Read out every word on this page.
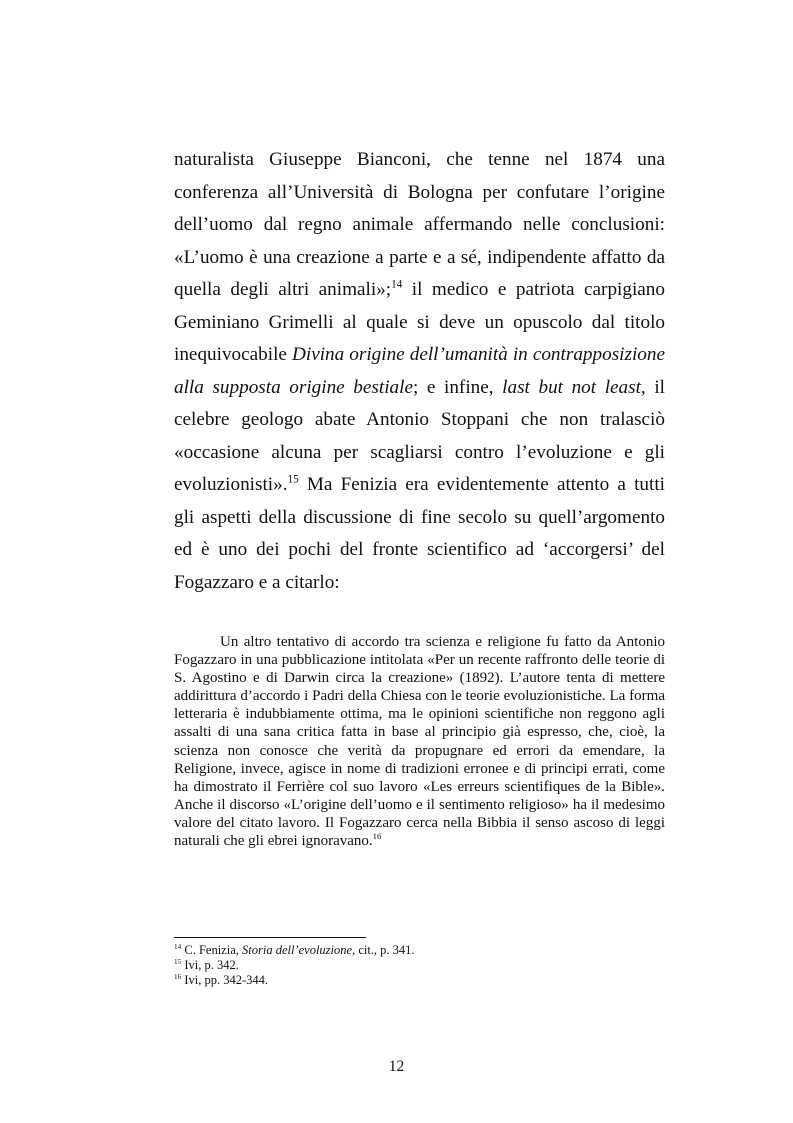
naturalista Giuseppe Bianconi, che tenne nel 1874 una conferenza all’Università di Bologna per confutare l’origine dell’uomo dal regno animale affermando nelle conclusioni: «L’uomo è una creazione a parte e a sé, indipendente affatto da quella degli altri animali»;$^{14}$ il medico e patriota carpigiano Geminiano Grimelli al quale si deve un opuscolo dal titolo inequivocabile Divina origine dell’umanità in contrapposizione alla supposta origine bestiale; e infine, last but not least, il celebre geologo abate Antonio Stoppani che non tralasciò «occasione alcuna per scagliarsi contro l’evoluzione e gli evoluzionisti».$^{15}$ Ma Fenizia era evidentemente attento a tutti gli aspetti della discussione di fine secolo su quell’argomento ed è uno dei pochi del fronte scientifico ad ‘accorgersi’ del Fogazzaro e a citarlo:

Un altro tentativo di accordo tra scienza e religione fu fatto da Antonio Fogazzaro in una pubblicazione intitolata «Per un recente raffronto delle teorie di S. Agostino e di Darwin circa la creazione» (1892). L’autore tenta di mettere addirittura d’accordo i Padri della Chiesa con le teorie evoluzionistiche. La forma letteraria è indubbiamente ottima, ma le opinioni scientifiche non reggono agli assalti di una sana critica fatta in base al principio già espresso, che, cioè, la scienza non conosce che verità da propugnare ed errori da emendare, la Religione, invece, agisce in nome di tradizioni erronee e di principi errati, come ha dimostrato il Ferrière col suo lavoro «Les erreurs scientifiques de la Bible». Anche il discorso «L’origine dell’uomo e il sentimento religioso» ha il medesimo valore del citato lavoro. Il Fogazzaro cerca nella Bibbia il senso ascoso di leggi naturali che gli ebrei ignoravano.$^{16}$

$^{14}$ C. Fenizia, Storia dell’evoluzione, cit., p. 341.

$^{15}$ Ivi, p. 342.

$^{16}$ Ivi, pp. 342-344.

12
